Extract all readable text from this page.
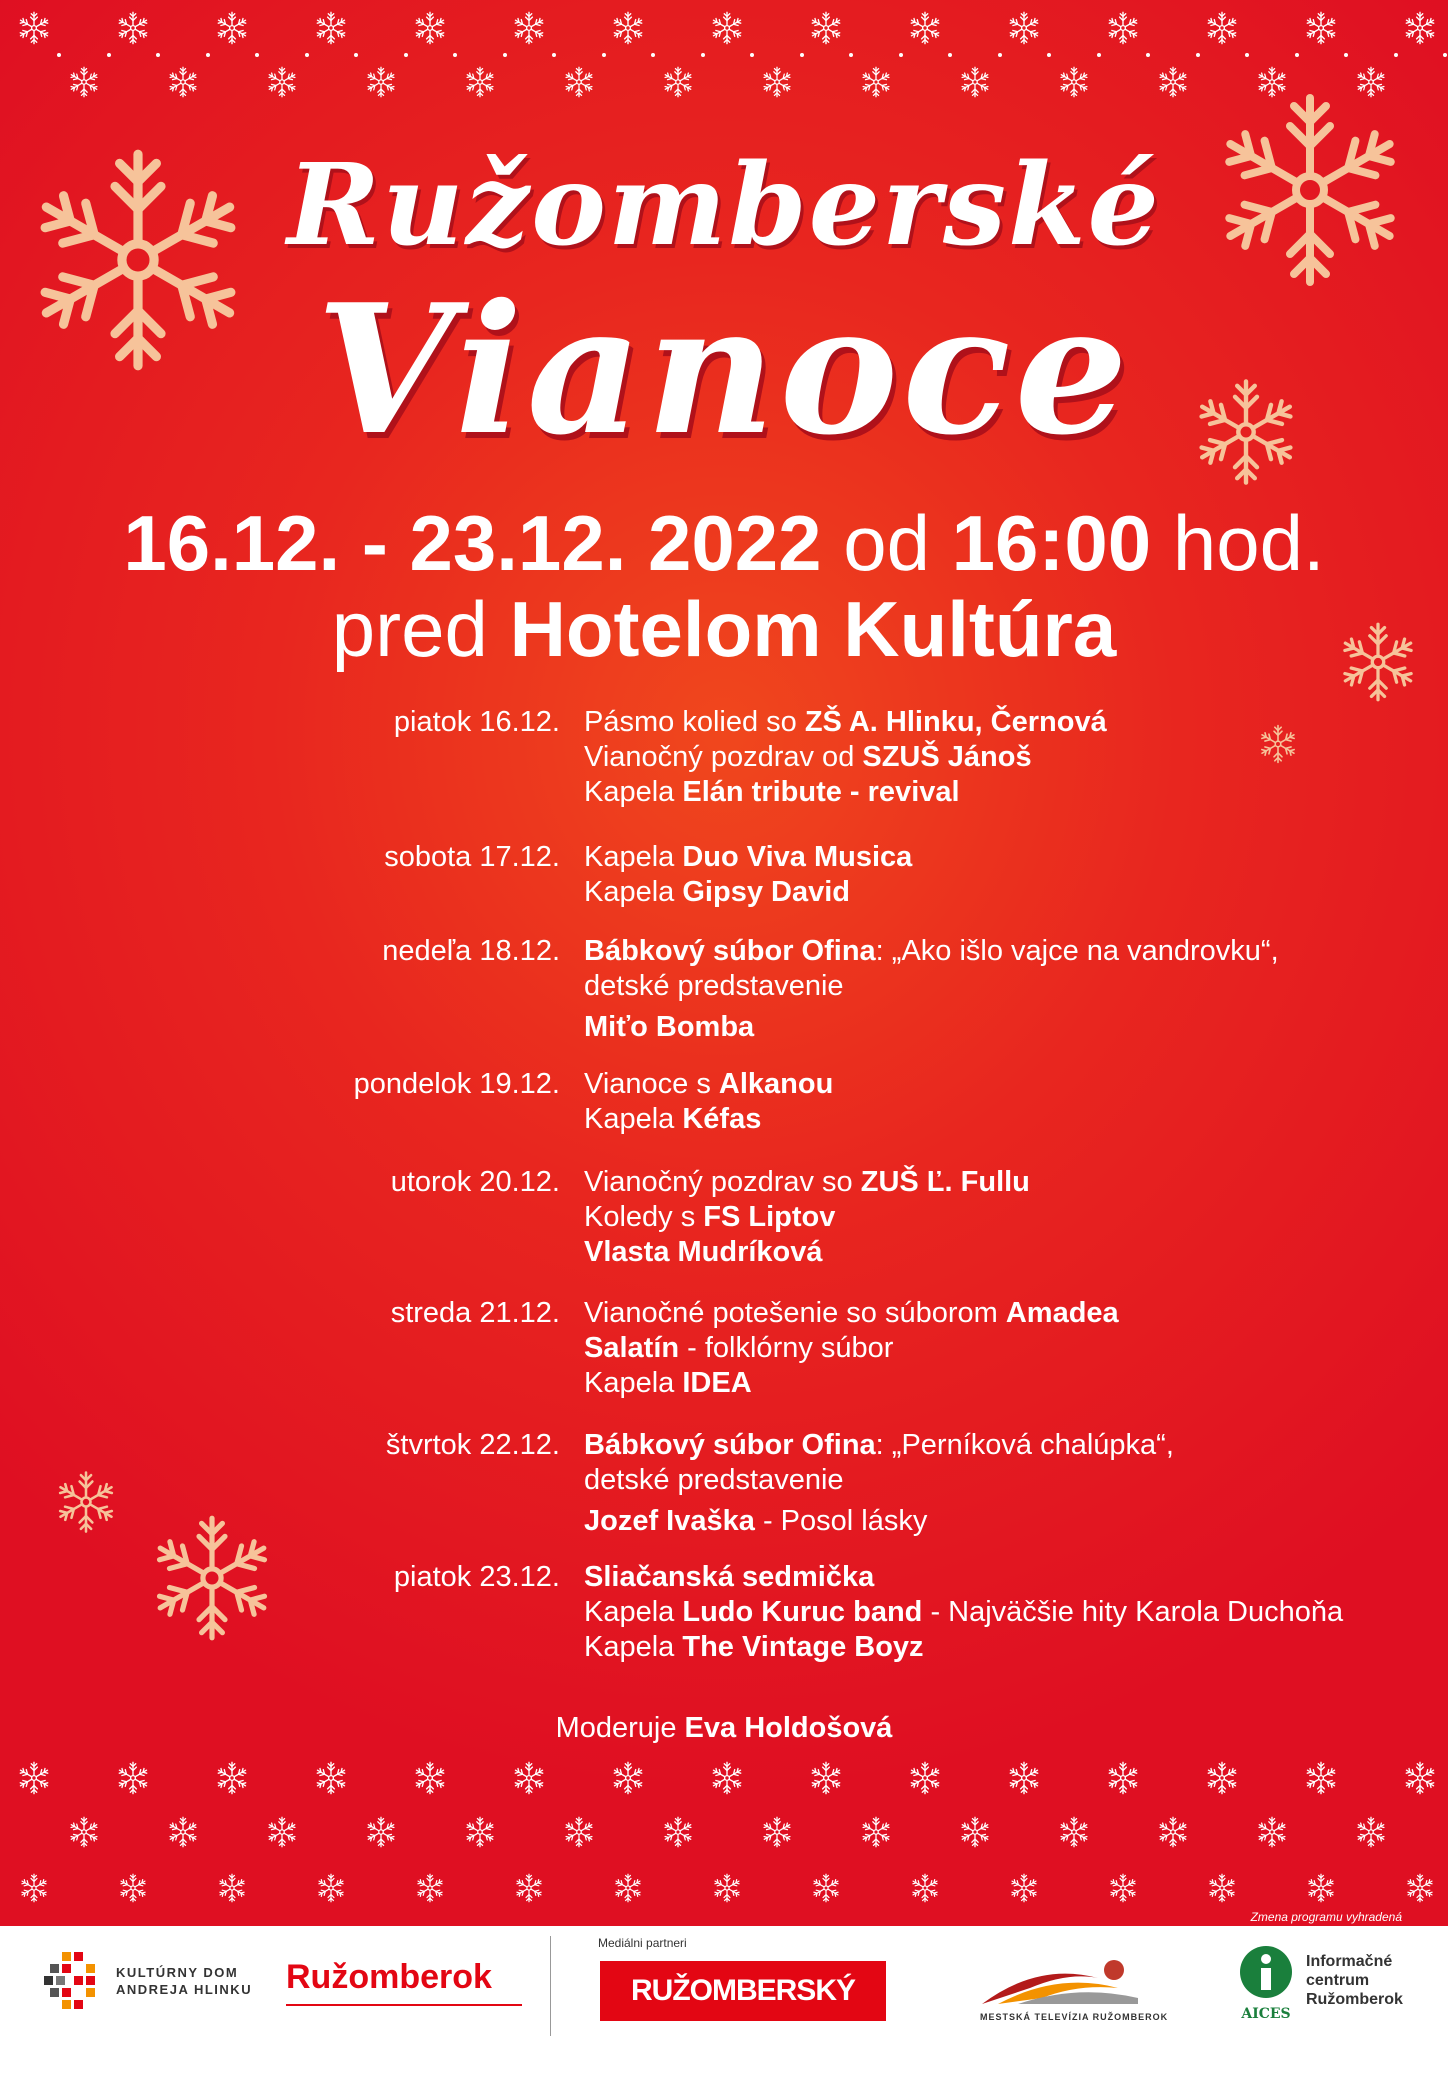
Ružomberské
Vianoce
16.12. - 23.12. 2022 od 16:00 hod.
pred Hotelom Kultúra
piatok 16.12. Pásmo kolied so ZŠ A. Hlinku, Černová
Vianočný pozdrav od SZUŠ Jánoš
Kapela Elán tribute - revival
sobota 17.12. Kapela Duo Viva Musica
Kapela Gipsy David
nedeľa 18.12. Bábkový súbor Ofina: „Ako išlo vajce na vandrovku“,
detské predstavenie
Miťo Bomba
pondelok 19.12. Vianoce s Alkanou
Kapela Kéfas
utorok 20.12. Vianočný pozdrav so ZUŠ Ľ. Fullu
Koledy s FS Liptov
Vlasta Mudríková
streda 21.12. Vianočné potešenie so súborom Amadea
Salatín - folklórny súbor
Kapela IDEA
štvrtok 22.12. Bábkový súbor Ofina: „Perníková chalúpka“,
detské predstavenie
Jozef Ivaška - Posol lásky
piatok 23.12. Sliačanská sedmička
Kapela Ludo Kuruc band - Najväčšie hity Karola Duchoňa
Kapela The Vintage Boyz
Moderuje Eva Holdošová
Zmena programu vyhradená
KULTÚRNY DOM
ANDREJA HLINKU Ružomberok
Mediálni partneri
RUŽOMBERSKÝ HLAS
MESTSKÁ TELEVÍZIA RUŽOMBEROK	AICES
Informačné
centrum
Ružomberok
